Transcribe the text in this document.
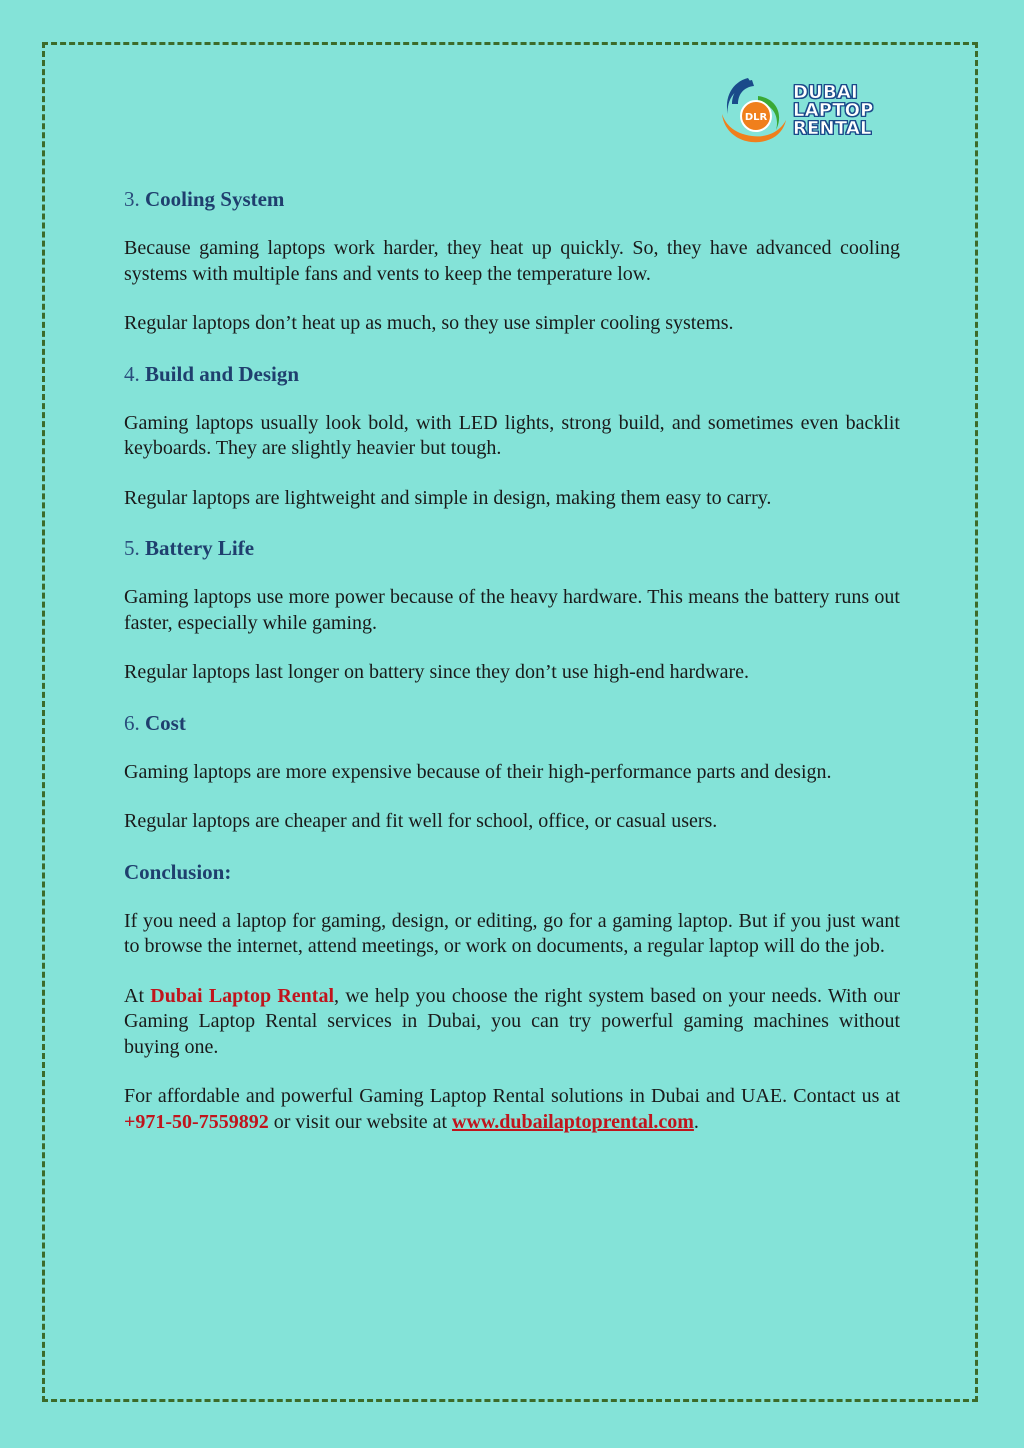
DLR
DUBAI
LAPTOP
RENTAL
3. Cooling System

Because gaming laptops work harder, they heat up quickly. So, they have advanced cooling systems with multiple fans and vents to keep the temperature low.

Regular laptops don’t heat up as much, so they use simpler cooling systems.

4. Build and Design

Gaming laptops usually look bold, with LED lights, strong build, and sometimes even backlit keyboards. They are slightly heavier but tough.

Regular laptops are lightweight and simple in design, making them easy to carry.

5. Battery Life

Gaming laptops use more power because of the heavy hardware. This means the battery runs out faster, especially while gaming.

Regular laptops last longer on battery since they don’t use high-end hardware.

6. Cost

Gaming laptops are more expensive because of their high-performance parts and design.

Regular laptops are cheaper and fit well for school, office, or casual users.

Conclusion:

If you need a laptop for gaming, design, or editing, go for a gaming laptop. But if you just want to browse the internet, attend meetings, or work on documents, a regular laptop will do the job.

At Dubai Laptop Rental, we help you choose the right system based on your needs. With our Gaming Laptop Rental services in Dubai, you can try powerful gaming machines without buying one.

For affordable and powerful Gaming Laptop Rental solutions in Dubai and UAE. Contact us at +971-50-7559892 or visit our website at www.dubailaptoprental.com.
